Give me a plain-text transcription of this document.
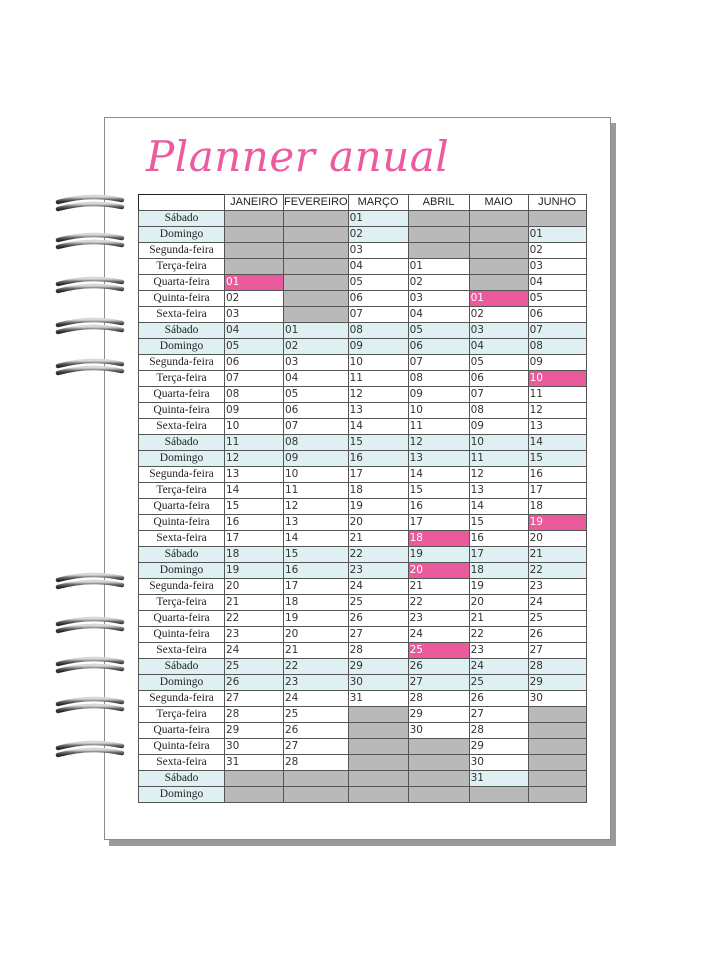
Planner anual
	JANEIRO	FEVEREIRO	MARÇO	ABRIL	MAIO	JUNHO
Sábado			01			
Domingo			02			01
Segunda-feira			03			02
Terça-feira			04	01		03
Quarta-feira	01		05	02		04
Quinta-feira	02		06	03	01	05
Sexta-feira	03		07	04	02	06
Sábado	04	01	08	05	03	07
Domingo	05	02	09	06	04	08
Segunda-feira	06	03	10	07	05	09
Terça-feira	07	04	11	08	06	10
Quarta-feira	08	05	12	09	07	11
Quinta-feira	09	06	13	10	08	12
Sexta-feira	10	07	14	11	09	13
Sábado	11	08	15	12	10	14
Domingo	12	09	16	13	11	15
Segunda-feira	13	10	17	14	12	16
Terça-feira	14	11	18	15	13	17
Quarta-feira	15	12	19	16	14	18
Quinta-feira	16	13	20	17	15	19
Sexta-feira	17	14	21	18	16	20
Sábado	18	15	22	19	17	21
Domingo	19	16	23	20	18	22
Segunda-feira	20	17	24	21	19	23
Terça-feira	21	18	25	22	20	24
Quarta-feira	22	19	26	23	21	25
Quinta-feira	23	20	27	24	22	26
Sexta-feira	24	21	28	25	23	27
Sábado	25	22	29	26	24	28
Domingo	26	23	30	27	25	29
Segunda-feira	27	24	31	28	26	30
Terça-feira	28	25		29	27	
Quarta-feira	29	26		30	28	
Quinta-feira	30	27			29	
Sexta-feira	31	28			30	
Sábado					31	
Domingo						
